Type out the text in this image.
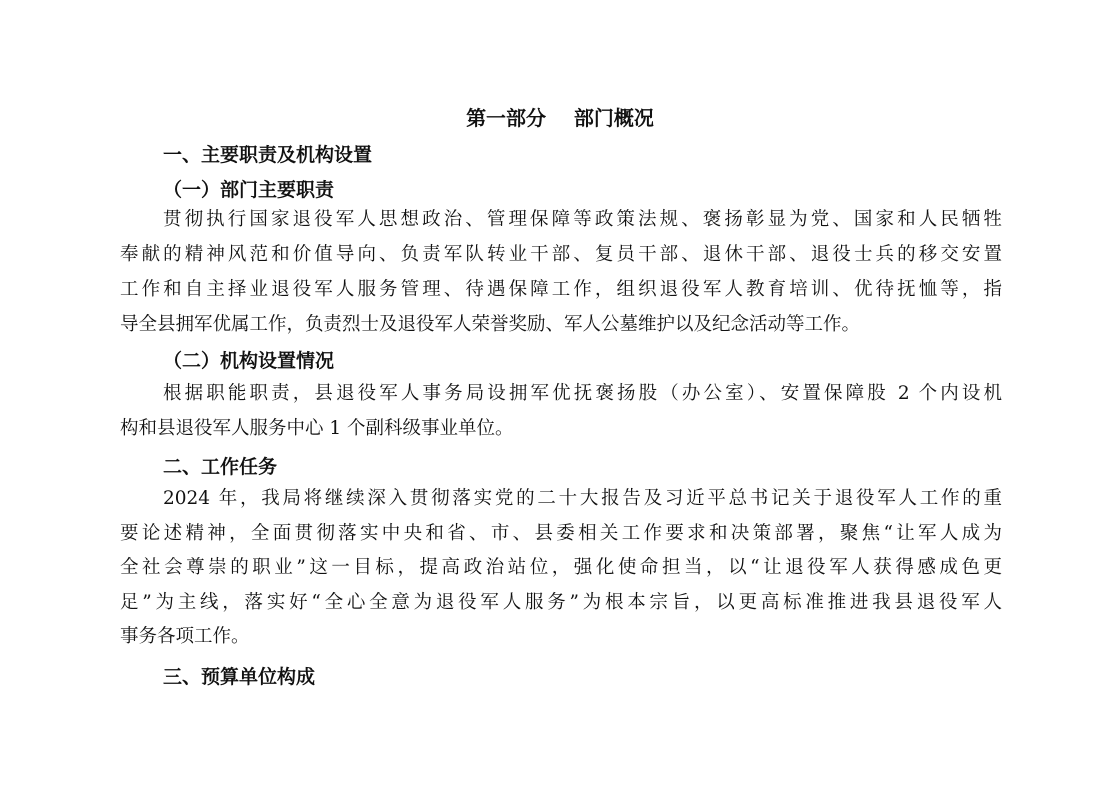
第一部分    部门概况
一、主要职责及机构设置
（一）部门主要职责
贯彻执行国家退役军人思想政治、管理保障等政策法规、褒扬彰显为党、国家和人民牺牲
奉献的精神风范和价值导向、负责军队转业干部、复员干部、退休干部、退役士兵的移交安置
工作和自主择业退役军人服务管理、待遇保障工作，组织退役军人教育培训、优待抚恤等，指
导全县拥军优属工作，负责烈士及退役军人荣誉奖励、军人公墓维护以及纪念活动等工作。
（二）机构设置情况
根据职能职责，县退役军人事务局设拥军优抚褒扬股（办公室）、安置保障股 2 个内设机
构和县退役军人服务中心 1 个副科级事业单位。
二、工作任务
2024 年，我局将继续深入贯彻落实党的二十大报告及习近平总书记关于退役军人工作的重
要论述精神，全面贯彻落实中央和省、市、县委相关工作要求和决策部署，聚焦“让军人成为
全社会尊崇的职业”这一目标，提高政治站位，强化使命担当，以“让退役军人获得感成色更
足”为主线，落实好“全心全意为退役军人服务”为根本宗旨，以更高标准推进我县退役军人
事务各项工作。
三、预算单位构成
